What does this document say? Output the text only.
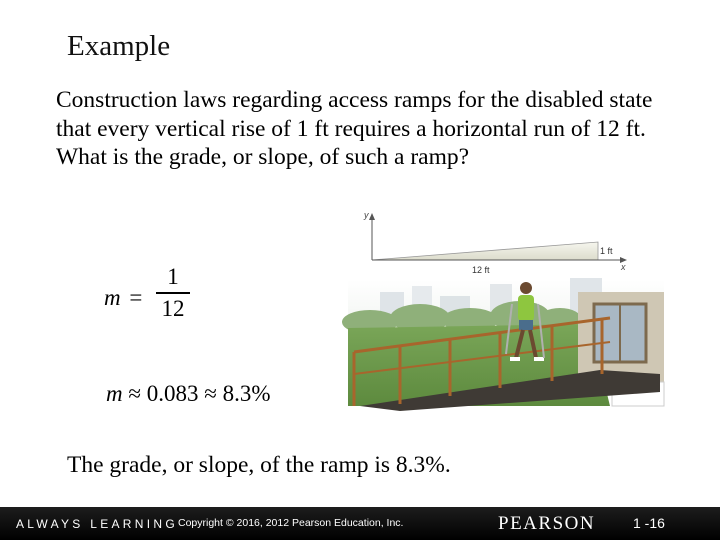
Example
Construction laws regarding access ramps for the disabled state that every vertical rise of 1 ft requires a horizontal run of 12 ft. What is the grade, or slope, of such a ramp?
m =
1
12
m ≈ 0.083 ≈ 8.3%
y
x
1 ft
12 ft
The grade, or slope, of the ramp is 8.3%.
ALWAYS LEARNING Copyright © 2016, 2012 Pearson Education, Inc.	PEARSON	1 -16
